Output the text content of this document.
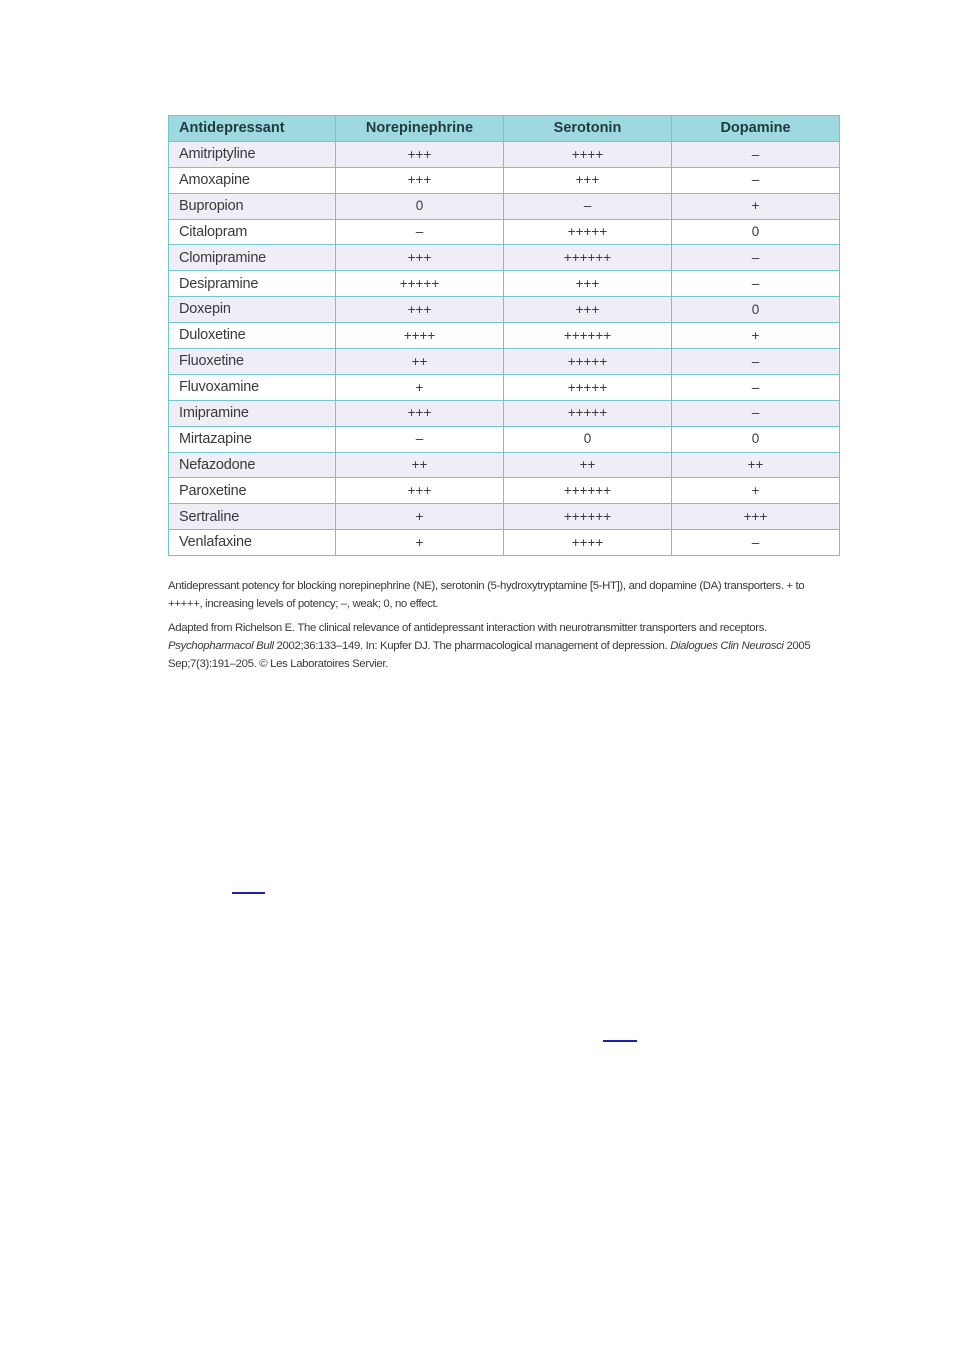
Antidepressant	Norepinephrine	Serotonin	Dopamine
Amitriptyline	+++	++++	–
Amoxapine	+++	+++	–
Bupropion	0	–	+
Citalopram	–	+++++	0
Clomipramine	+++	++++++	–
Desipramine	+++++	+++	–
Doxepin	+++	+++	0
Duloxetine	++++	++++++	+
Fluoxetine	++	+++++	–
Fluvoxamine	+	+++++	–
Imipramine	+++	+++++	–
Mirtazapine	–	0	0
Nefazodone	++	++	++
Paroxetine	+++	++++++	+
Sertraline	+	++++++	+++
Venlafaxine	+	++++	–

Antidepressant potency for blocking norepinephrine (NE), serotonin (5-hydroxytryptamine [5-HT]), and dopamine (DA) transporters. + to +++++, increasing levels of potency; –, weak; 0, no effect.

Adapted from Richelson E. The clinical relevance of antidepressant interaction with neurotransmitter transporters and receptors. Psychopharmacol Bull 2002;36:133–149. In: Kupfer DJ. The pharmacological management of depression. Dialogues Clin Neurosci 2005 Sep;7(3):191–205. © Les Laboratoires Servier.
